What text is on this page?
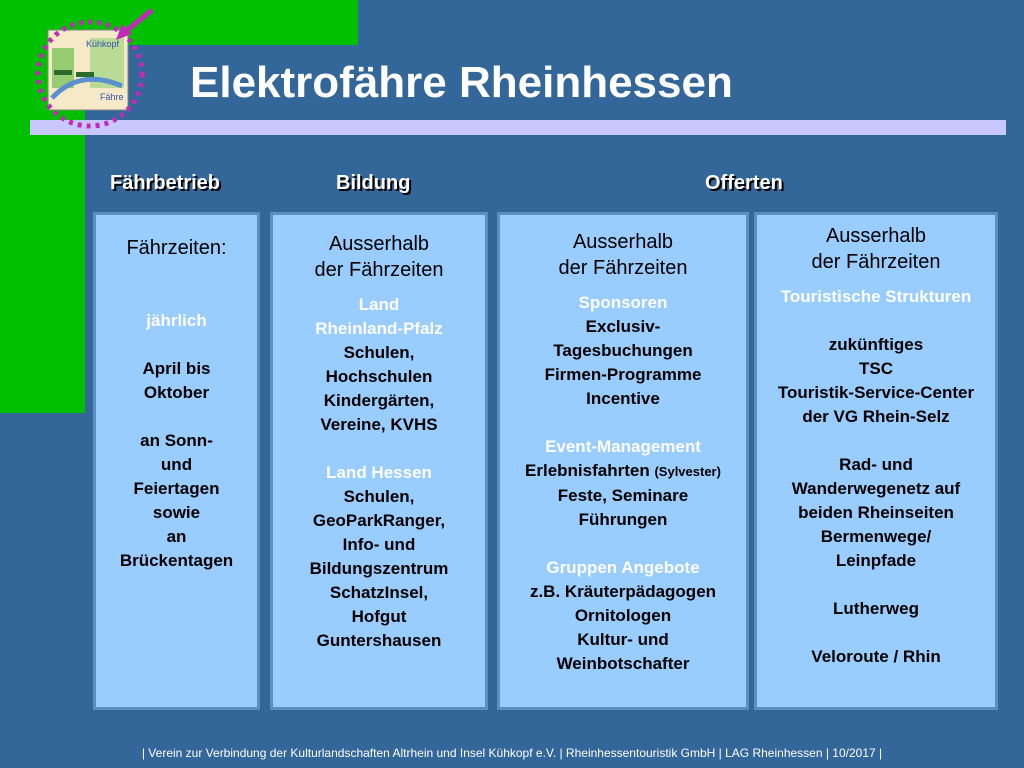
Kühkopf
Fähre Elektrofähre Rheinhessen
Fährbetrieb	Bildung	Offerten
Fährzeiten:
jährlich
April bis
Oktober
an Sonn-
und
Feiertagen
sowie
an
Brückentagen
Ausserhalb
der Fährzeiten
Land
Rheinland-Pfalz
Schulen,
Hochschulen
Kindergärten,
Vereine, KVHS
Land Hessen
Schulen,
GeoParkRanger,
Info- und
Bildungszentrum
SchatzInsel,
Hofgut
Guntershausen
Ausserhalb
der Fährzeiten
Sponsoren
Exclusiv-
Tagesbuchungen
Firmen-Programme
Incentive
Event-Management
Erlebnisfahrten (Sylvester)
Feste, Seminare
Führungen
Gruppen Angebote
z.B. Kräuterpädagogen
Ornitologen
Kultur- und
Weinbotschafter
Ausserhalb
der Fährzeiten
Touristische Strukturen
zukünftiges
TSC
Touristik-Service-Center
der VG Rhein-Selz
Rad- und
Wanderwegenetz auf
beiden Rheinseiten
Bermenwege/
Leinpfade
Lutherweg
Veloroute / Rhin
| Verein zur Verbindung der Kulturlandschaften Altrhein und Insel Kühkopf e.V. | Rheinhessentouristik GmbH | LAG Rheinhessen | 10/2017 |
